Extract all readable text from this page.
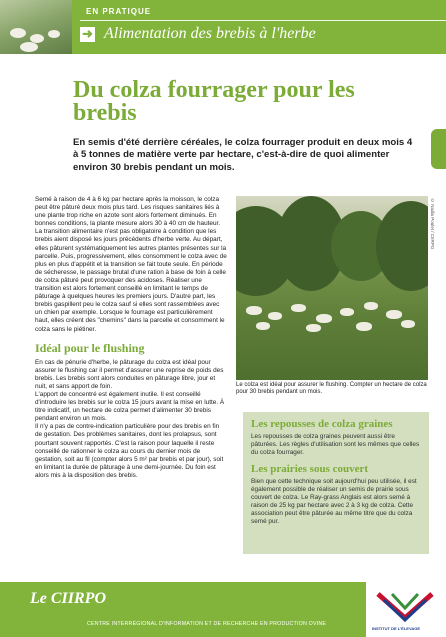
EN PRATIQUE
➜ Alimentation des brebis à l'herbe
Du colza fourrager pour les brebis
En semis d'été derrière céréales, le colza fourrager produit en deux mois 4 à 5 tonnes de matière verte par hectare, c'est-à-dire de quoi alimenter environ 30 brebis pendant un mois.

Semé à raison de 4 à 6 kg par hectare après la moisson, le colza peut être pâturé deux mois plus tard. Les risques sanitaires liés à une plante trop riche en azote sont alors fortement diminués. En bonnes conditions, la plante mesure alors 30 à 40 cm de hauteur.

La transition alimentaire n'est pas obligatoire à condition que les brebis aient disposé les jours précédents d'herbe verte. Au départ, elles pâturent systématiquement les autres plantes présentes sur la parcelle. Puis, progressivement, elles consomment le colza avec de plus en plus d'appétit et la transition se fait toute seule. En période de sécheresse, le passage brutal d'une ration à base de foin à celle de colza pâturé peut provoquer des acidoses. Réaliser une transition est alors fortement conseillé en limitant le temps de pâturage à quelques heures les premiers jours. D'autre part, les brebis gaspillent peu le colza sauf si elles sont rassemblées avec un chien par exemple. Lorsque le fourrage est particulièrement haut, elles créent des "chemins" dans la parcelle et consomment le colza sans le piétiner.

Idéal pour le flushing

En cas de pénurie d'herbe, le pâturage du colza est idéal pour assurer le flushing car il permet d'assurer une reprise de poids des brebis. Les brebis sont alors conduites en pâturage libre, jour et nuit, et sans apport de foin.

L'apport de concentré est également inutile. Il est conseillé d'introduire les brebis sur le colza 15 jours avant la mise en lutte. À titre indicatif, un hectare de colza permet d'alimenter 30 brebis pendant environ un mois.

Il n'y a pas de contre-indication particulière pour des brebis en fin de gestation. Des problèmes sanitaires, dont les prolapsus, sont pourtant souvent rapportés. C'est la raison pour laquelle il reste conseillé de rationner le colza au cours du dernier mois de gestation, soit au fil (compter alors 5 m² par brebis et par jour), soit en limitant la durée de pâturage à une demi-journée. Du foin est alors mis à la disposition des brebis.

© Nadia Poulet / CIIRPO
Le colza est idéal pour assurer le flushing. Compter un hectare de colza pour 30 brebis pendant un mois.
Les repousses de colza graines

Les repousses de colza graines peuvent aussi être pâturées. Les règles d'utilisation sont les mêmes que celles du colza fourrager.

Les prairies sous couvert

Bien que cette technique soit aujourd'hui peu utilisée, il est également possible de réaliser un semis de prairie sous couvert de colza. Le Ray-grass Anglais est alors semé à raison de 25 kg par hectare avec 2 à 3 kg de colza. Cette association peut être pâturée au même titre que du colza semé pur.

Le CIIRPO
CENTRE INTERRÉGIONAL D'INFORMATION ET DE RECHERCHE EN PRODUCTION OVINE
INSTITUT DE L'ÉLEVAGE
